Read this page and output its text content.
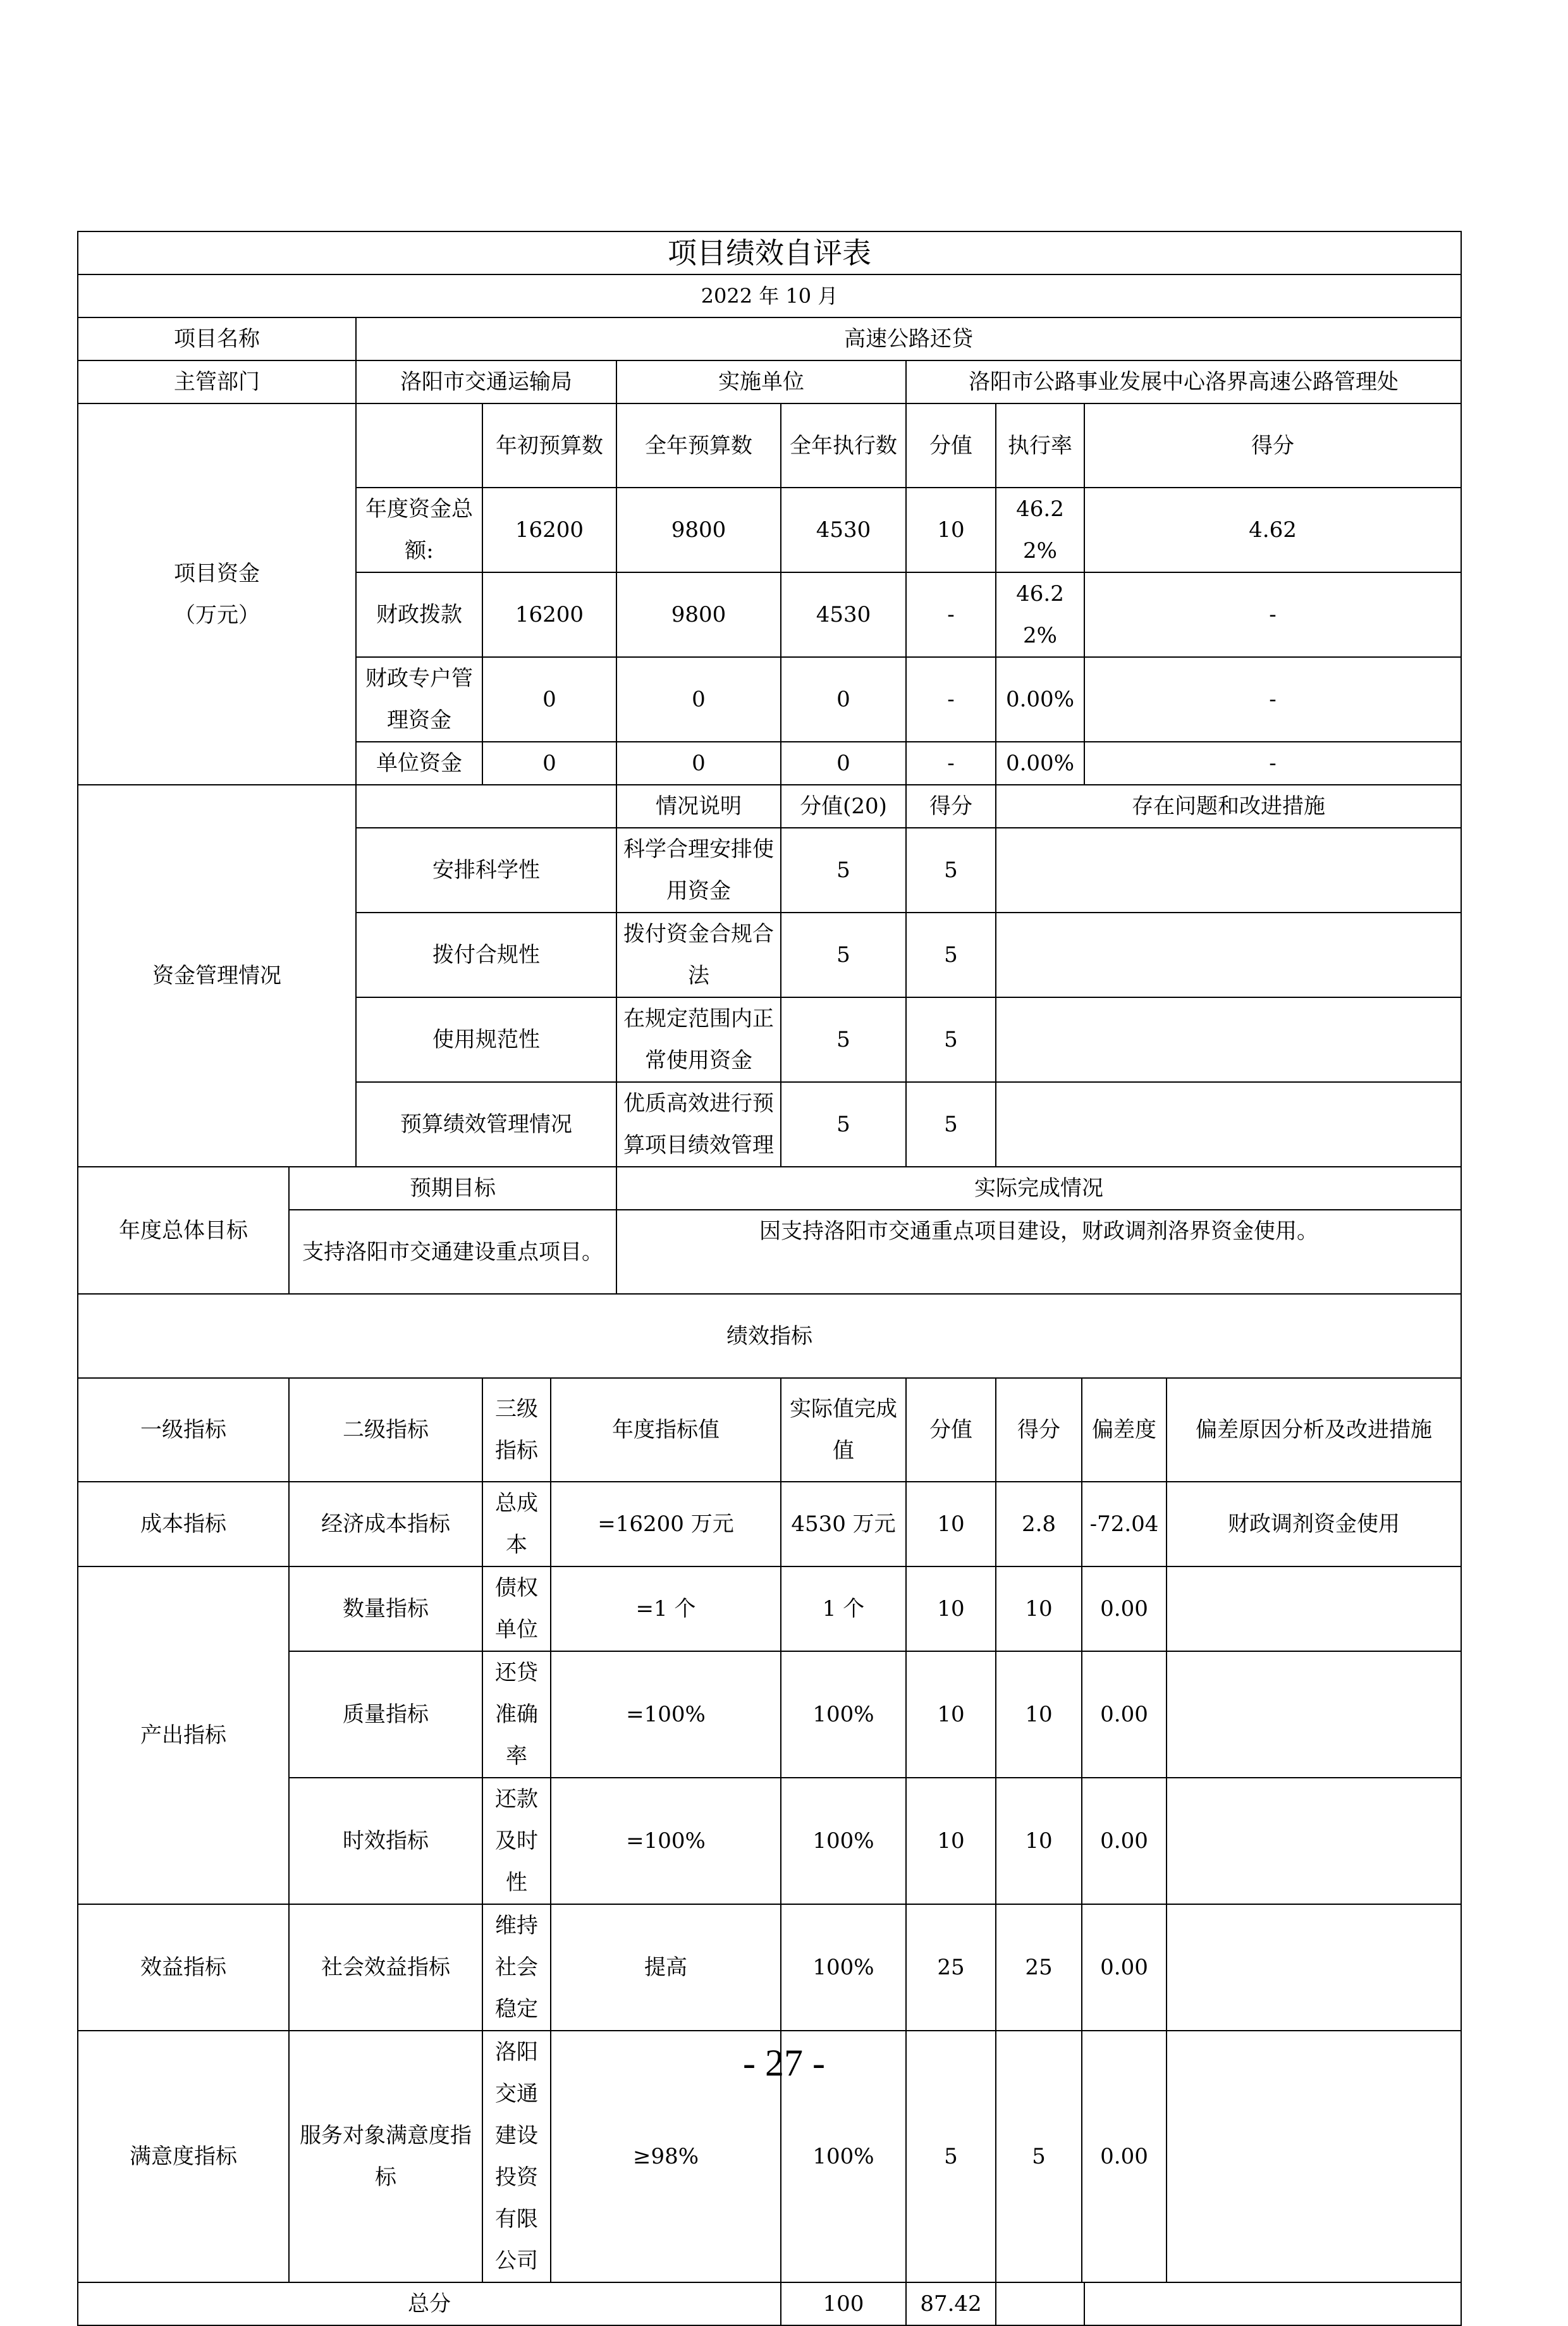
项目绩效自评表											
2022 年 10 月											
项目名称		高速公路还贷									
主管部门		洛阳市交通运输局			实施单位		洛阳市公路事业发展中心洛界高速公路管理处				
项目资金
（万元）			年初预算数		全年预算数	全年执行数	分值	执行率		得分	
		年度资金总额:	16200		9800	4530	10	46.22%		4.62	
		财政拨款	16200		9800	4530	-	46.22%		-	
		财政专户管理资金	0		0	0	-	0.00%		-	
		单位资金	0		0	0	-	0.00%		-	
资金管理情况					情况说明	分值(20)	得分	存在问题和改进措施			
		安排科学性			科学合理安排使用资金	5	5				
		拨付合规性			拨付资金合规合法	5	5				
		使用规范性			在规定范围内正常使用资金	5	5				
		预算绩效管理情况			优质高效进行预算项目绩效管理	5	5				
年度总体目标	预期目标				实际完成情况						
	支持洛阳市交通建设重点项目。				因支持洛阳市交通重点项目建设，财政调剂洛界资金使用。						
绩效指标											
一级指标	二级指标		三级指标	年度指标值		实际值完成值	分值	得分	偏差度		偏差原因分析及改进措施
成本指标	经济成本指标		总成本	=16200 万元		4530 万元	10	2.8	-72.04		财政调剂资金使用
产出指标	数量指标		债权单位	=1 个		1 个	10	10	0.00		
	质量指标		还贷准确率	=100%		100%	10	10	0.00		
	时效指标		还款及时性	=100%		100%	10	10	0.00		
效益指标	社会效益指标		维持社会稳定	提高		100%	25	25	0.00		
满意度指标	服务对象满意度指标		洛阳交通建设投资有限公司	≥98%		100%	5	5	0.00		
总分						100	87.42				
- 27 -
